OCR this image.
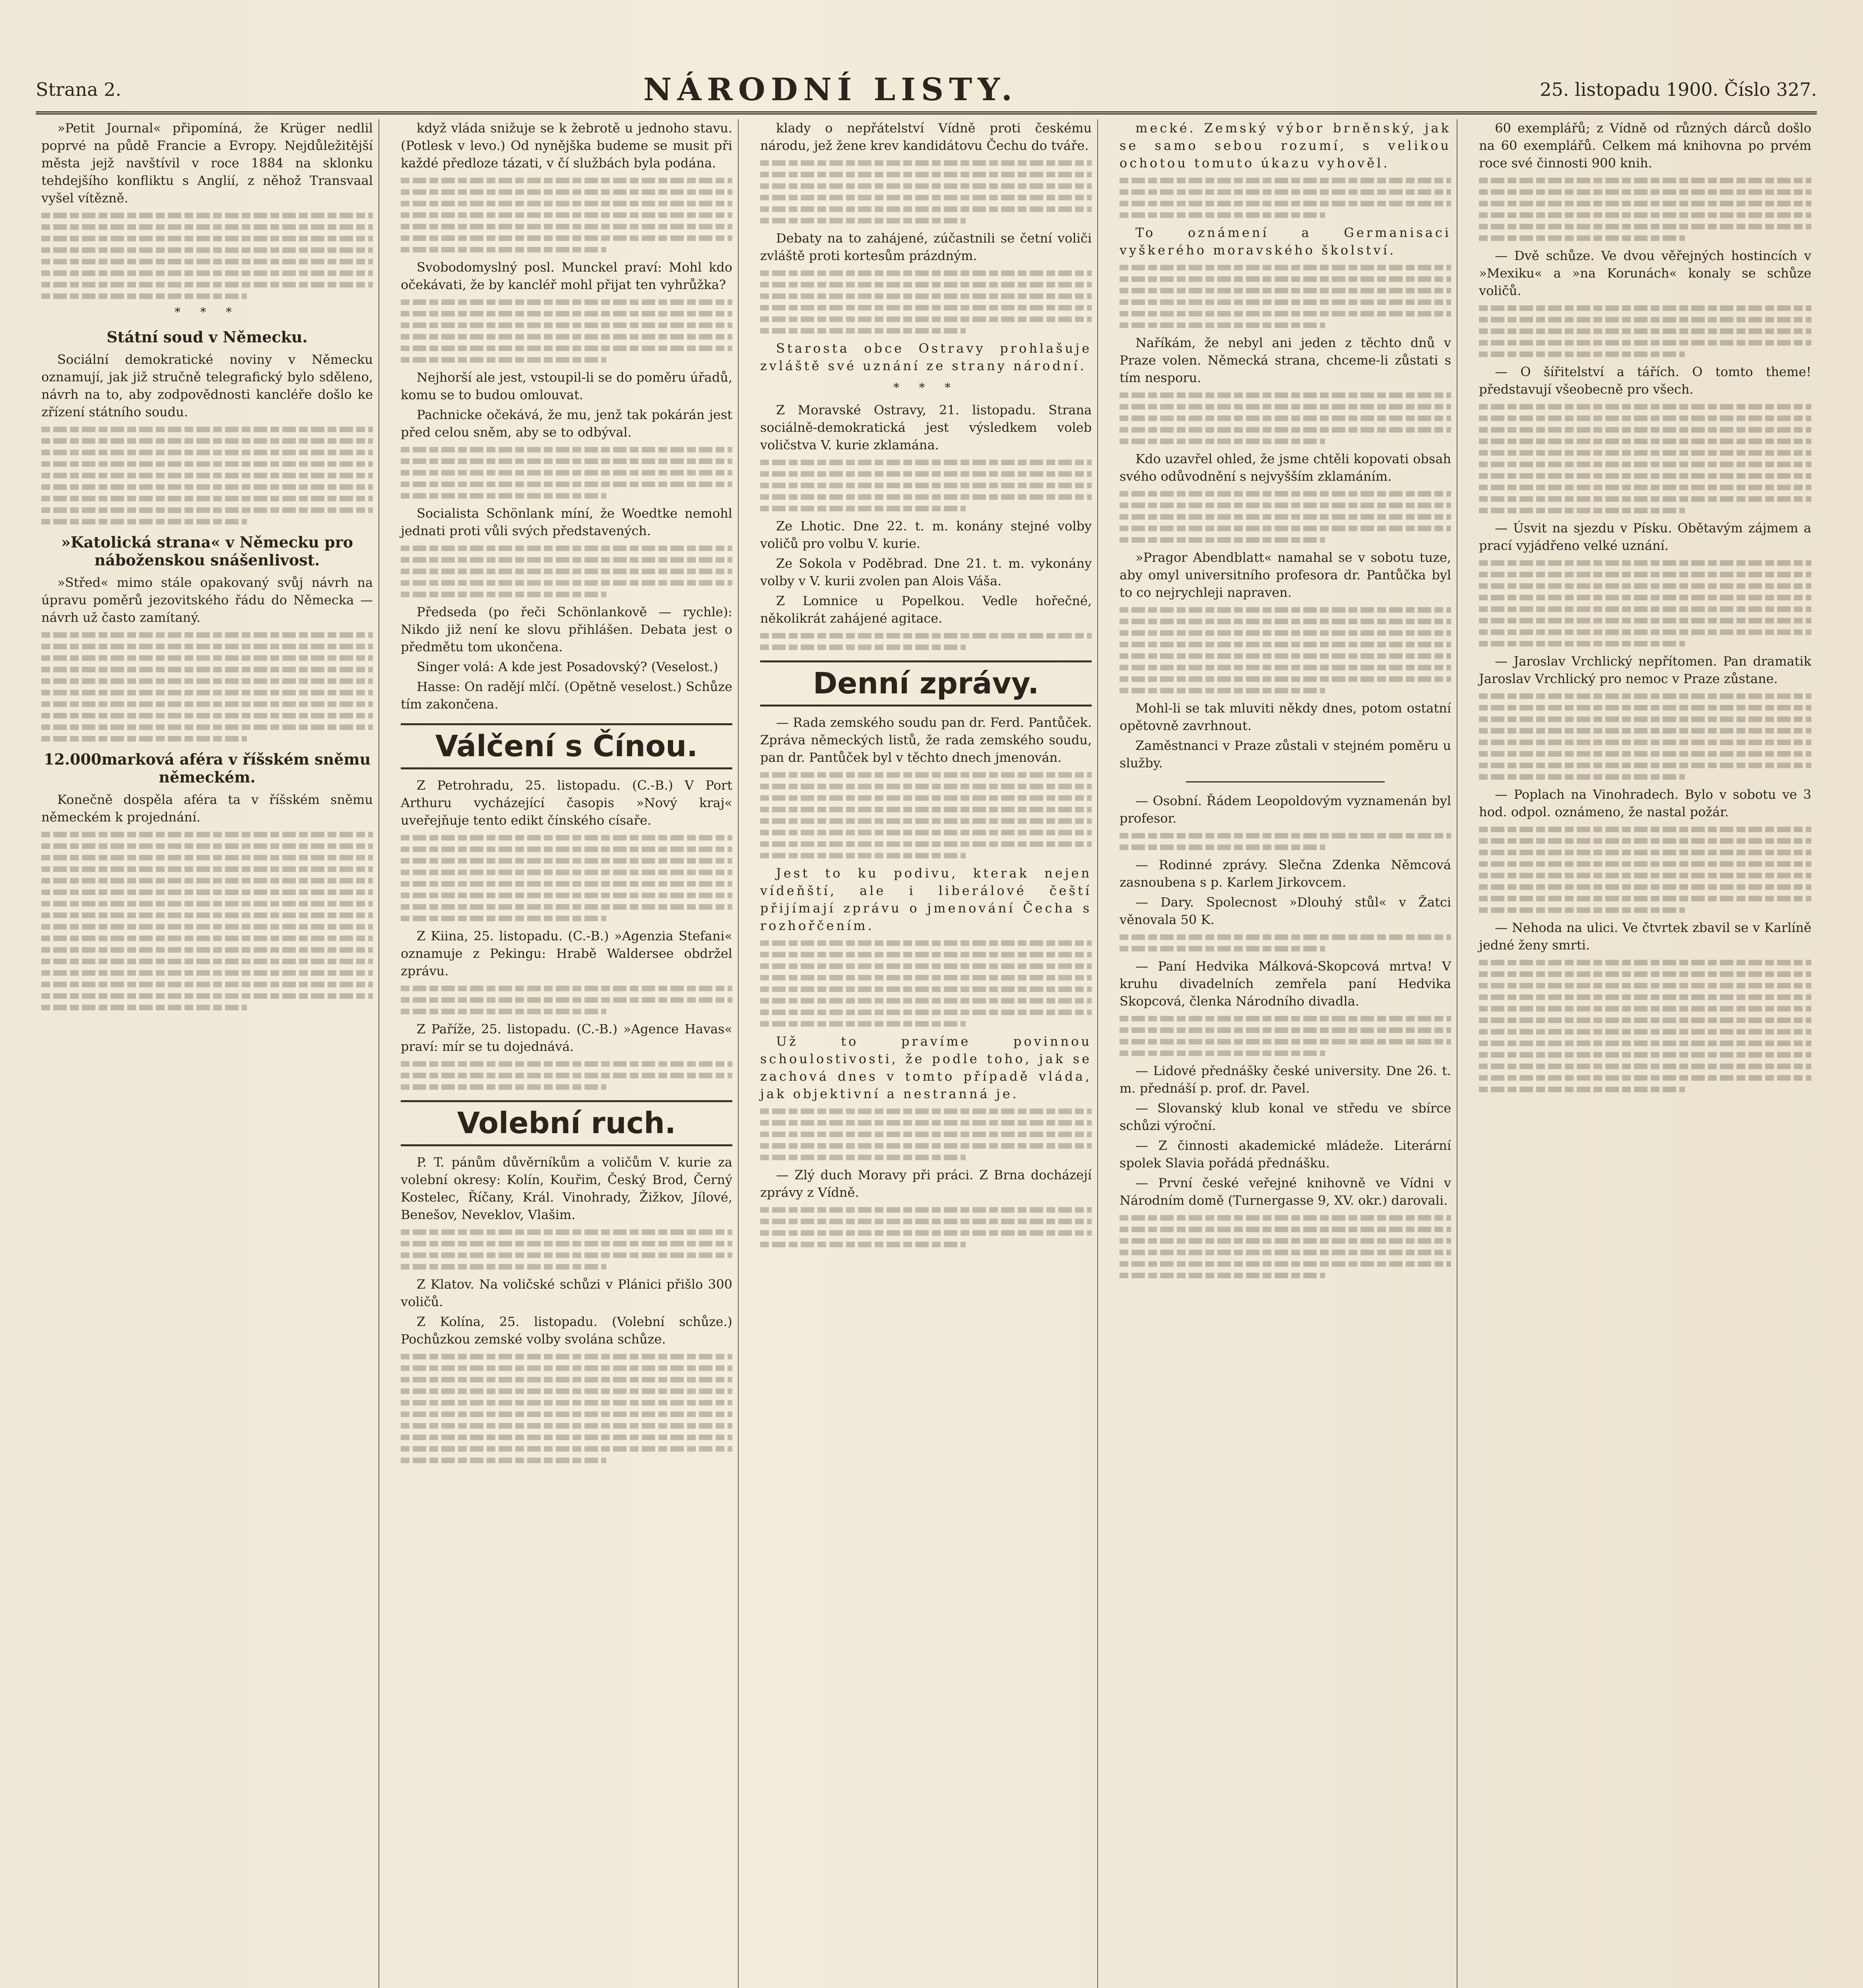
Strana 2.	NÁRODNÍ LISTY.	25. listopadu 1900. Číslo 327.

»Petit Journal« připomíná, že Krüger nedlil poprvé na půdě Francie a Evropy. Nejdůležitější města jejž navštívil v roce 1884 na sklonku tehdejšího konfliktu s Anglií, z něhož Transvaal vyšel vítězně.

* * *
Státní soud v Německu.

Sociální demokratické noviny v Německu oznamují, jak již stručně telegrafický bylo sděleno, návrh na to, aby zodpovědnosti kancléře došlo ke zřízení státního soudu.

»Katolická strana« v Německu pro náboženskou snášenlivost.

»Střed« mimo stále opakovaný svůj návrh na úpravu poměrů jezovitského řádu do Německa — návrh už často zamítaný.

12.000marková aféra v říšském sněmu německém.

Konečně dospěla aféra ta v říšském sněmu německém k projednání.

když vláda snižuje se k žebrotě u jednoho stavu. (Potlesk v levo.) Od nynějška budeme se musit při každé předloze tázati, v čí službách byla podána.

Svobodomyslný posl. Munckel praví: Mohl kdo očekávati, že by kancléř mohl přijat ten vyhrůžka?

Nejhorší ale jest, vstoupil-li se do poměru úřadů, komu se to budou omlouvat.

Pachnicke očekává, že mu, jenž tak pokárán jest před celou sněm, aby se to odbýval.

Socialista Schönlank míní, že Woedtke nemohl jednati proti vůli svých představených.

Předseda (po řeči Schönlankově — rychle): Nikdo již není ke slovu přihlášen. Debata jest o předmětu tom ukončena.

Singer volá: A kde jest Posadovský? (Veselost.)

Hasse: On radějí mlčí. (Opětně veselost.) Schůze tím zakončena.

Válčení s Čínou.

Z Petrohradu, 25. listopadu. (C.-B.) V Port Arthuru vycházející časopis »Nový kraj« uveřejňuje tento edikt čínského císaře.

Z Kiina, 25. listopadu. (C.-B.) »Agenzia Stefani« oznamuje z Pekingu: Hrabě Waldersee obdržel zprávu.

Z Paříže, 25. listopadu. (C.-B.) »Agence Havas« praví: mír se tu dojednává.

Volební ruch.

P. T. pánům důvěrníkům a voličům V. kurie za volební okresy: Kolín, Kouřim, Český Brod, Černý Kostelec, Říčany, Král. Vinohrady, Žižkov, Jílové, Benešov, Neveklov, Vlašim.

Z Klatov. Na voličské schůzi v Plánici přišlo 300 voličů.

Z Kolína, 25. listopadu. (Volební schůze.) Pochůzkou zemské volby svolána schůze.

klady o nepřátelství Vídně proti českému národu, jež žene krev kandidátovu Čechu do tváře.

Debaty na to zahájené, zúčastnili se četní voliči zvláště proti kortesům prázdným.

Starosta obce Ostravy prohlašuje zvláště své uznání ze strany národní.

* * *

Z Moravské Ostravy, 21. listopadu. Strana sociálně-demokratická jest výsledkem voleb voličstva V. kurie zklamána.

Ze Lhotic. Dne 22. t. m. konány stejné volby voličů pro volbu V. kurie.

Ze Sokola v Poděbrad. Dne 21. t. m. vykonány volby v V. kurii zvolen pan Alois Váša.

Z Lomnice u Popelkou. Vedle hořečné, několikrát zahájené agitace.

Denní zprávy.

— Rada zemského soudu pan dr. Ferd. Pantůček. Zpráva německých listů, že rada zemského soudu, pan dr. Pantůček byl v těchto dnech jmenován.

Jest to ku podivu, kterak nejen vídeňští, ale i liberálové čeští přijímají zprávu o jmenování Čecha s rozhořčením.

Už to pravíme povinnou schoulostivosti, že podle toho, jak se zachová dnes v tomto případě vláda, jak objektivní a nestranná je.

— Zlý duch Moravy při práci. Z Brna docházejí zprávy z Vídně.

mecké. Zemský výbor brněnský, jak se samo sebou rozumí, s velikou ochotou tomuto úkazu vyhověl.

To oznámení a Germanisaci vyškerého moravského školství.

Naříkám, že nebyl ani jeden z těchto dnů v Praze volen. Německá strana, chceme-li zůstati s tím nesporu.

Kdo uzavřel ohled, že jsme chtěli kopovati obsah svého odůvodnění s nejvyšším zklamáním.

»Pragor Abendblatt« namahal se v sobotu tuze, aby omyl universitního profesora dr. Pantůčka byl to co nejrychleji napraven.

Mohl-li se tak mluviti někdy dnes, potom ostatní opětovně zavrhnout.

Zaměstnanci v Praze zůstali v stejném poměru u služby.

— Osobní. Řádem Leopoldovým vyznamenán byl profesor.

— Rodinné zprávy. Slečna Zdenka Němcová zasnoubena s p. Karlem Jirkovcem.

— Dary. Spolecnost »Dlouhý stůl« v Žatci věnovala 50 K.

— Paní Hedvika Málková-Skopcová mrtva! V kruhu divadelních zemřela paní Hedvika Skopcová, členka Národního divadla.

— Lidové přednášky české university. Dne 26. t. m. přednáší p. prof. dr. Pavel.

— Slovanský klub konal ve středu ve sbírce schůzi výroční.

— Z činnosti akademické mládeže. Literární spolek Slavia pořádá přednášku.

— První české veřejné knihovně ve Vídni v Národním domě (Turnergasse 9, XV. okr.) darovali.

60 exemplářů; z Vídně od různých dárců došlo na 60 exemplářů. Celkem má knihovna po prvém roce své činnosti 900 knih.

— Dvě schůze. Ve dvou věřejných hostincích v »Mexiku« a »na Korunách« konaly se schůze voličů.

— O šířitelství a tářích. O tomto theme! představují všeobecně pro všech.

— Úsvit na sjezdu v Písku. Obětavým zájmem a prací vyjádřeno velké uznání.

— Jaroslav Vrchlický nepřítomen. Pan dramatik Jaroslav Vrchlický pro nemoc v Praze zůstane.

— Poplach na Vinohradech. Bylo v sobotu ve 3 hod. odpol. oznámeno, že nastal požár.

— Nehoda na ulici. Ve čtvrtek zbavil se v Karlíně jedné ženy smrti.
